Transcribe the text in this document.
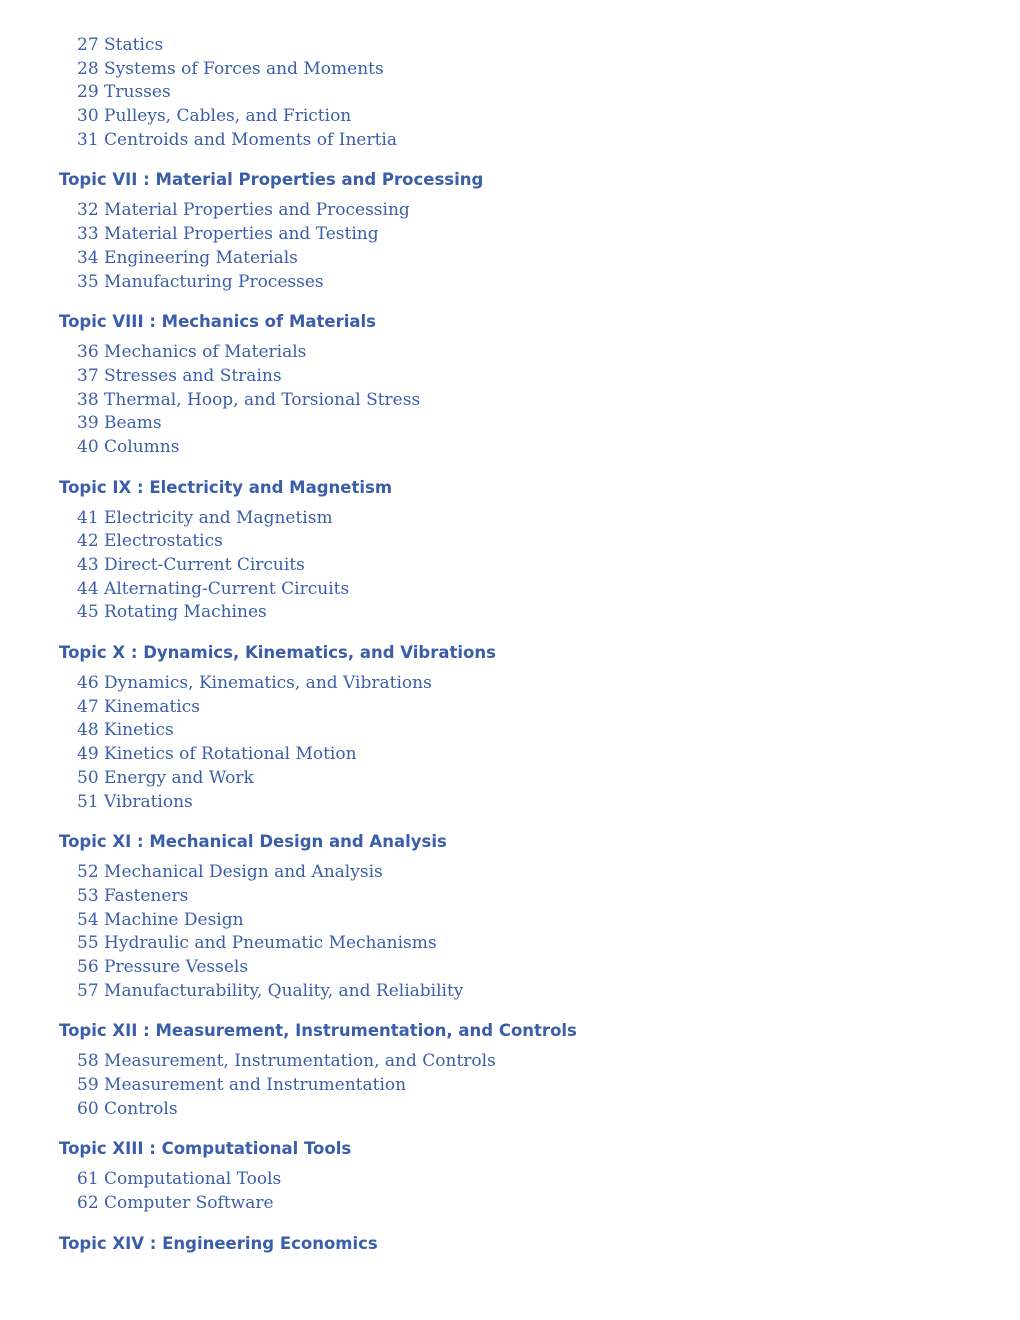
27 Statics
28 Systems of Forces and Moments
29 Trusses
30 Pulleys, Cables, and Friction
31 Centroids and Moments of Inertia
Topic VII : Material Properties and Processing
32 Material Properties and Processing
33 Material Properties and Testing
34 Engineering Materials
35 Manufacturing Processes
Topic VIII : Mechanics of Materials
36 Mechanics of Materials
37 Stresses and Strains
38 Thermal, Hoop, and Torsional Stress
39 Beams
40 Columns
Topic IX : Electricity and Magnetism
41 Electricity and Magnetism
42 Electrostatics
43 Direct-Current Circuits
44 Alternating-Current Circuits
45 Rotating Machines
Topic X : Dynamics, Kinematics, and Vibrations
46 Dynamics, Kinematics, and Vibrations
47 Kinematics
48 Kinetics
49 Kinetics of Rotational Motion
50 Energy and Work
51 Vibrations
Topic XI : Mechanical Design and Analysis
52 Mechanical Design and Analysis
53 Fasteners
54 Machine Design
55 Hydraulic and Pneumatic Mechanisms
56 Pressure Vessels
57 Manufacturability, Quality, and Reliability
Topic XII : Measurement, Instrumentation, and Controls
58 Measurement, Instrumentation, and Controls
59 Measurement and Instrumentation
60 Controls
Topic XIII : Computational Tools
61 Computational Tools
62 Computer Software
Topic XIV : Engineering Economics
